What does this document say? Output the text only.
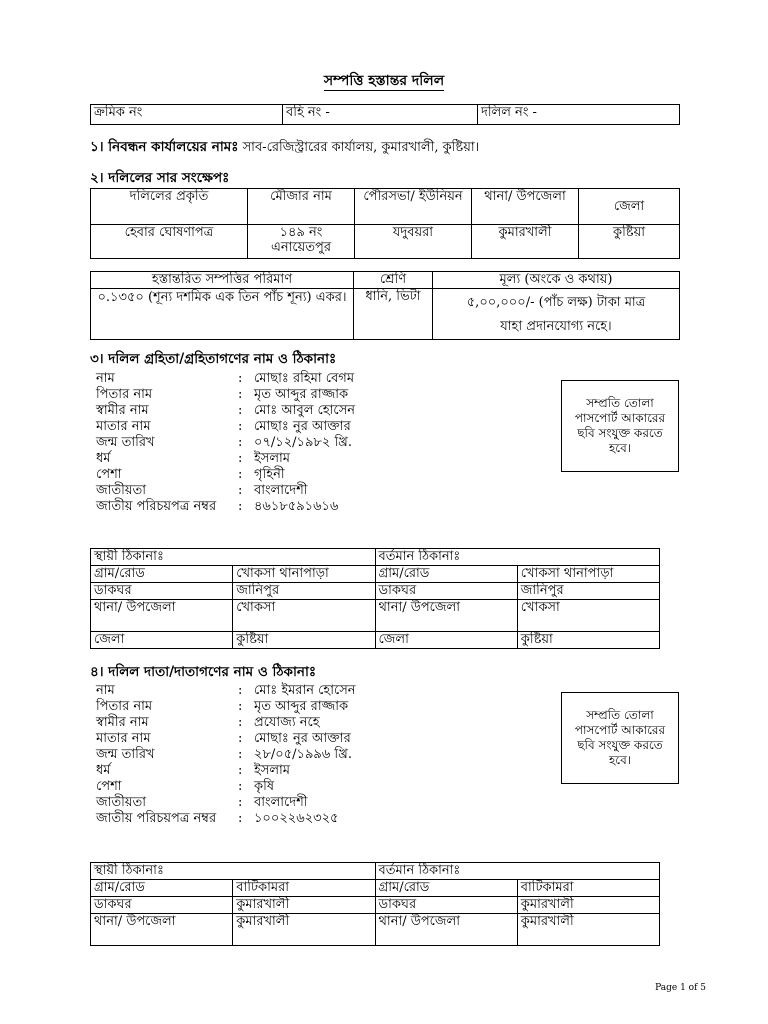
সম্পত্তি হস্তান্তর দলিল
ক্রমিক নং	বহি নং -	দলিল নং -
১। নিবন্ধন কার্যালয়ের নামঃ সাব-রেজিস্ট্রারের কার্যালয়, কুমারখালী, কুষ্টিয়া।
২। দলিলের সার সংক্ষেপঃ
দলিলের প্রকৃতি	মৌজার নাম	পৌরসভা/ ইউনিয়ন	থানা/ উপজেলা	জেলা
হেবার ঘোষণাপত্র	১৪৯ নং এনায়েতপুর	যদুবয়রা	কুমারখালী	কুষ্টিয়া
হস্তান্তরিত সম্পত্তির পরিমাণ	শ্রেণি	মূল্য (অংকে ও কথায়)
০.১৩৫০ (শূন্য দশমিক এক তিন পাঁচ শূন্য) একর।	ধানি, ভিটা	৫,০০,০০০/- (পাঁচ লক্ষ) টাকা মাত্র
যাহা প্রদানযোগ্য নহে।
৩। দলিল গ্রহিতা/গ্রহিতাগণের নাম ও ঠিকানাঃ
নাম	: মোছাঃ রহিমা বেগম
পিতার নাম	: মৃত আব্দুর রাজ্জাক
স্বামীর নাম	: মোঃ আবুল হোসেন
মাতার নাম	: মোছাঃ নুর আক্তার
জন্ম তারিখ	: ০৭/১২/১৯৮২ খ্রি.
ধর্ম	: ইসলাম
পেশা	: গৃহিনী
জাতীয়তা	: বাংলাদেশী
জাতীয় পরিচয়পত্র নম্বর	: ৪৬১৮৫৯১৬১৬
সম্প্রতি তোলা পাসপোর্ট আকারের ছবি সংযুক্ত করতে হবে।
স্থায়ী ঠিকানাঃ		বর্তমান ঠিকানাঃ	
গ্রাম/রোড	খোকসা থানাপাড়া	গ্রাম/রোড	খোকসা থানাপাড়া
ডাকঘর	জানিপুর	ডাকঘর	জানিপুর
থানা/ উপজেলা	খোকসা	থানা/ উপজেলা	খোকসা
জেলা	কুষ্টিয়া	জেলা	কুষ্টিয়া
৪। দলিল দাতা/দাতাগণের নাম ও ঠিকানাঃ
নাম	: মোঃ ইমরান হোসেন
পিতার নাম	: মৃত আব্দুর রাজ্জাক
স্বামীর নাম	: প্রযোজ্য নহে
মাতার নাম	: মোছাঃ নুর আক্তার
জন্ম তারিখ	: ২৮/০৫/১৯৯৬ খ্রি.
ধর্ম	: ইসলাম
পেশা	: কৃষি
জাতীয়তা	: বাংলাদেশী
জাতীয় পরিচয়পত্র নম্বর	: ১০০২২৬২৩২৫
সম্প্রতি তোলা পাসপোর্ট আকারের ছবি সংযুক্ত করতে হবে।
স্থায়ী ঠিকানাঃ		বর্তমান ঠিকানাঃ	
গ্রাম/রোড	বাটিকামরা	গ্রাম/রোড	বাটিকামরা
ডাকঘর	কুমারখালী	ডাকঘর	কুমারখালী
থানা/ উপজেলা	কুমারখালী	থানা/ উপজেলা	কুমারখালী
Page 1 of 5
